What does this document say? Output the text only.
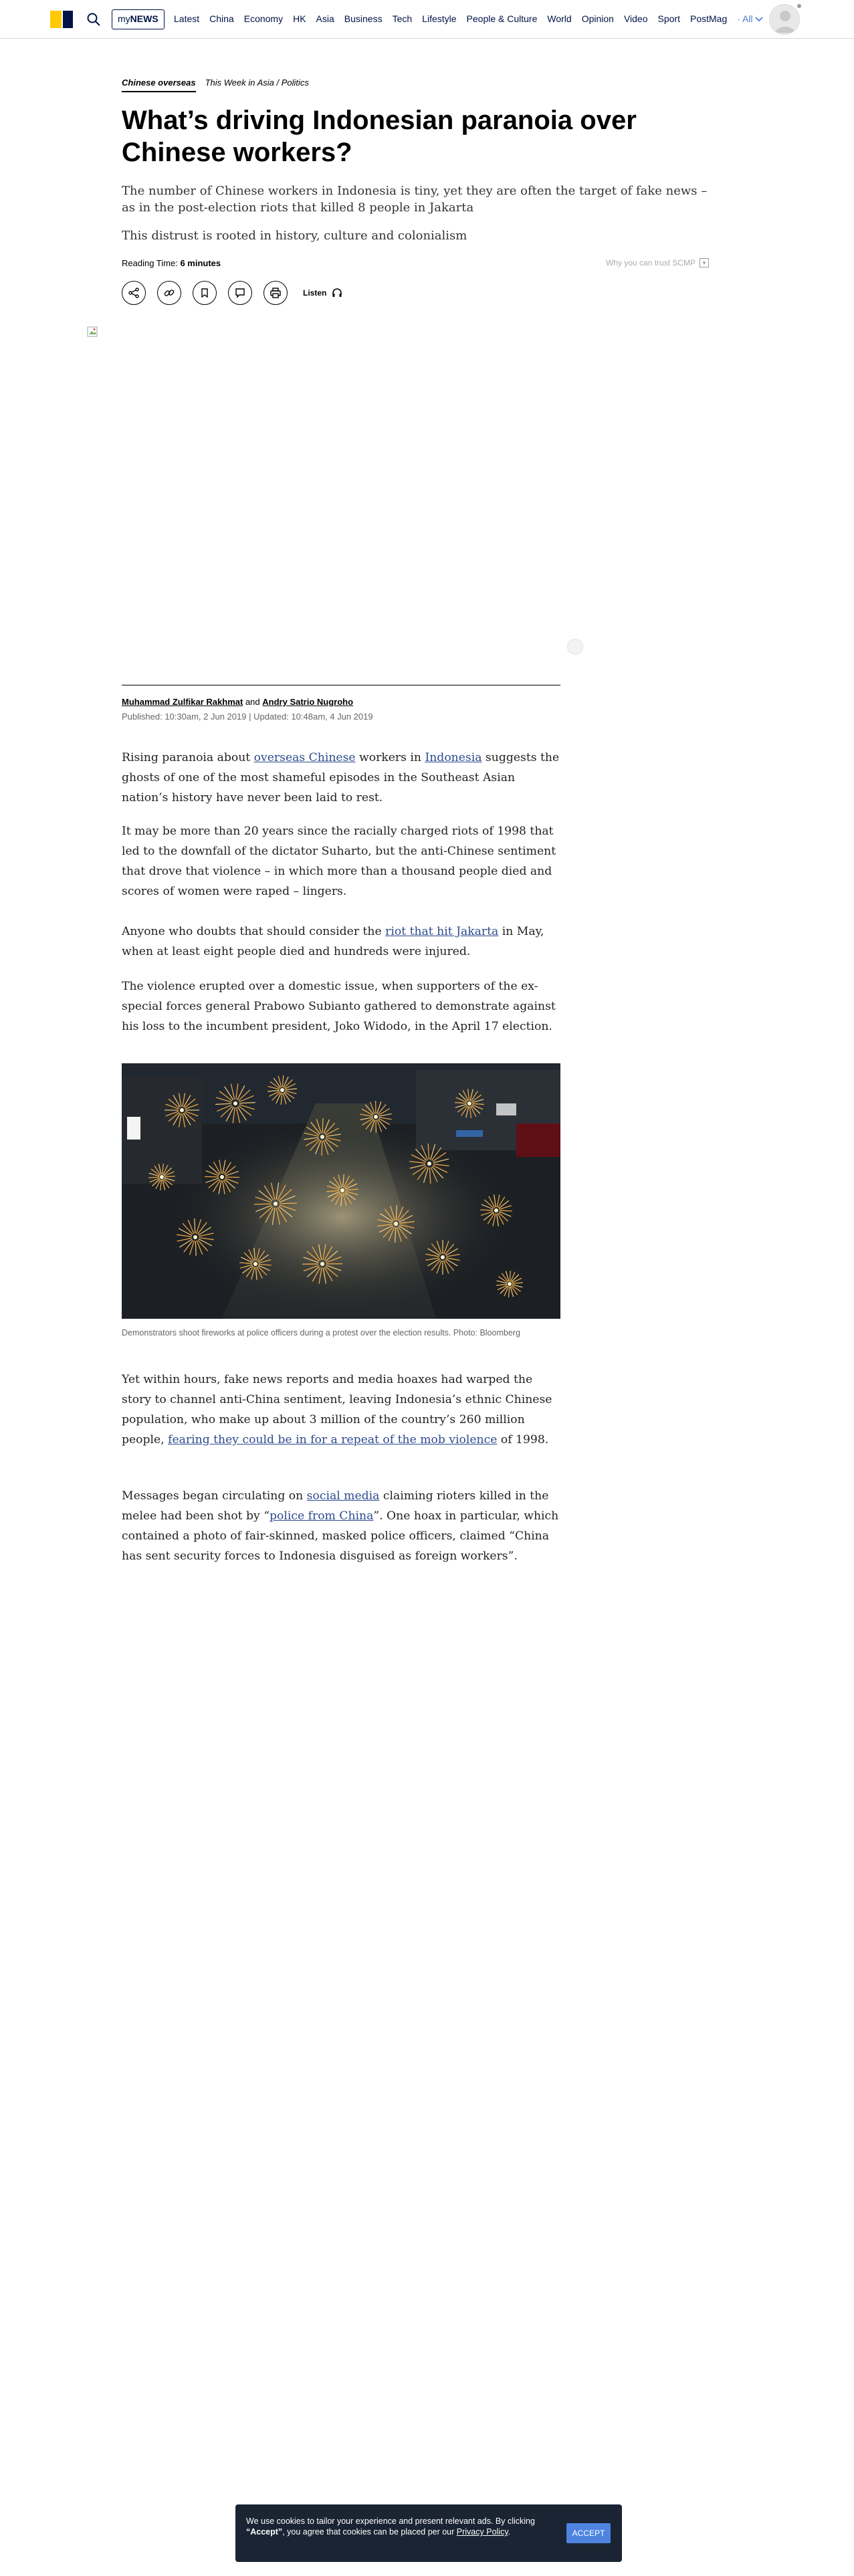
myNEWS	Latest China Economy HK Asia Business Tech Lifestyle People & Culture World Opinion Video Sport PostMag · All
Chinese overseas This Week in Asia / Politics
What’s driving Indonesian paranoia over Chinese workers?

The number of Chinese workers in Indonesia is tiny, yet they are often the target of fake news – as in the post-election riots that killed 8 people in Jakarta

This distrust is rooted in history, culture and colonialism

Reading Time: 6 minutes	Why you can trust SCMP	▾
Listen
Muhammad Zulfikar Rakhmat and Andry Satrio Nugroho
Published: 10:30am, 2 Jun 2019 | Updated: 10:48am, 4 Jun 2019

Rising paranoia about overseas Chinese workers in Indonesia suggests the ghosts of one of the most shameful episodes in the Southeast Asian nation’s history have never been laid to rest.

It may be more than 20 years since the racially charged riots of 1998 that led to the downfall of the dictator Suharto, but the anti-Chinese sentiment that drove that violence – in which more than a thousand people died and scores of women were raped – lingers.

Anyone who doubts that should consider the riot that hit Jakarta in May, when at least eight people died and hundreds were injured.

The violence erupted over a domestic issue, when supporters of the ex-special forces general Prabowo Subianto gathered to demonstrate against his loss to the incumbent president, Joko Widodo, in the April 17 election.

Demonstrators shoot fireworks at police officers during a protest over the election results. Photo: Bloomberg

Yet within hours, fake news reports and media hoaxes had warped the story to channel anti-China sentiment, leaving Indonesia’s ethnic Chinese population, who make up about 3 million of the country’s 260 million people, fearing they could be in for a repeat of the mob violence of 1998.

Messages began circulating on social media claiming rioters killed in the melee had been shot by “police from China”. One hoax in particular, which contained a photo of fair-skinned, masked police officers, claimed “China has sent security forces to Indonesia disguised as foreign workers”.

We use cookies to tailor your experience and present relevant ads. By clicking “Accept”, you agree that cookies can be placed per our Privacy Policy.	ACCEPT
